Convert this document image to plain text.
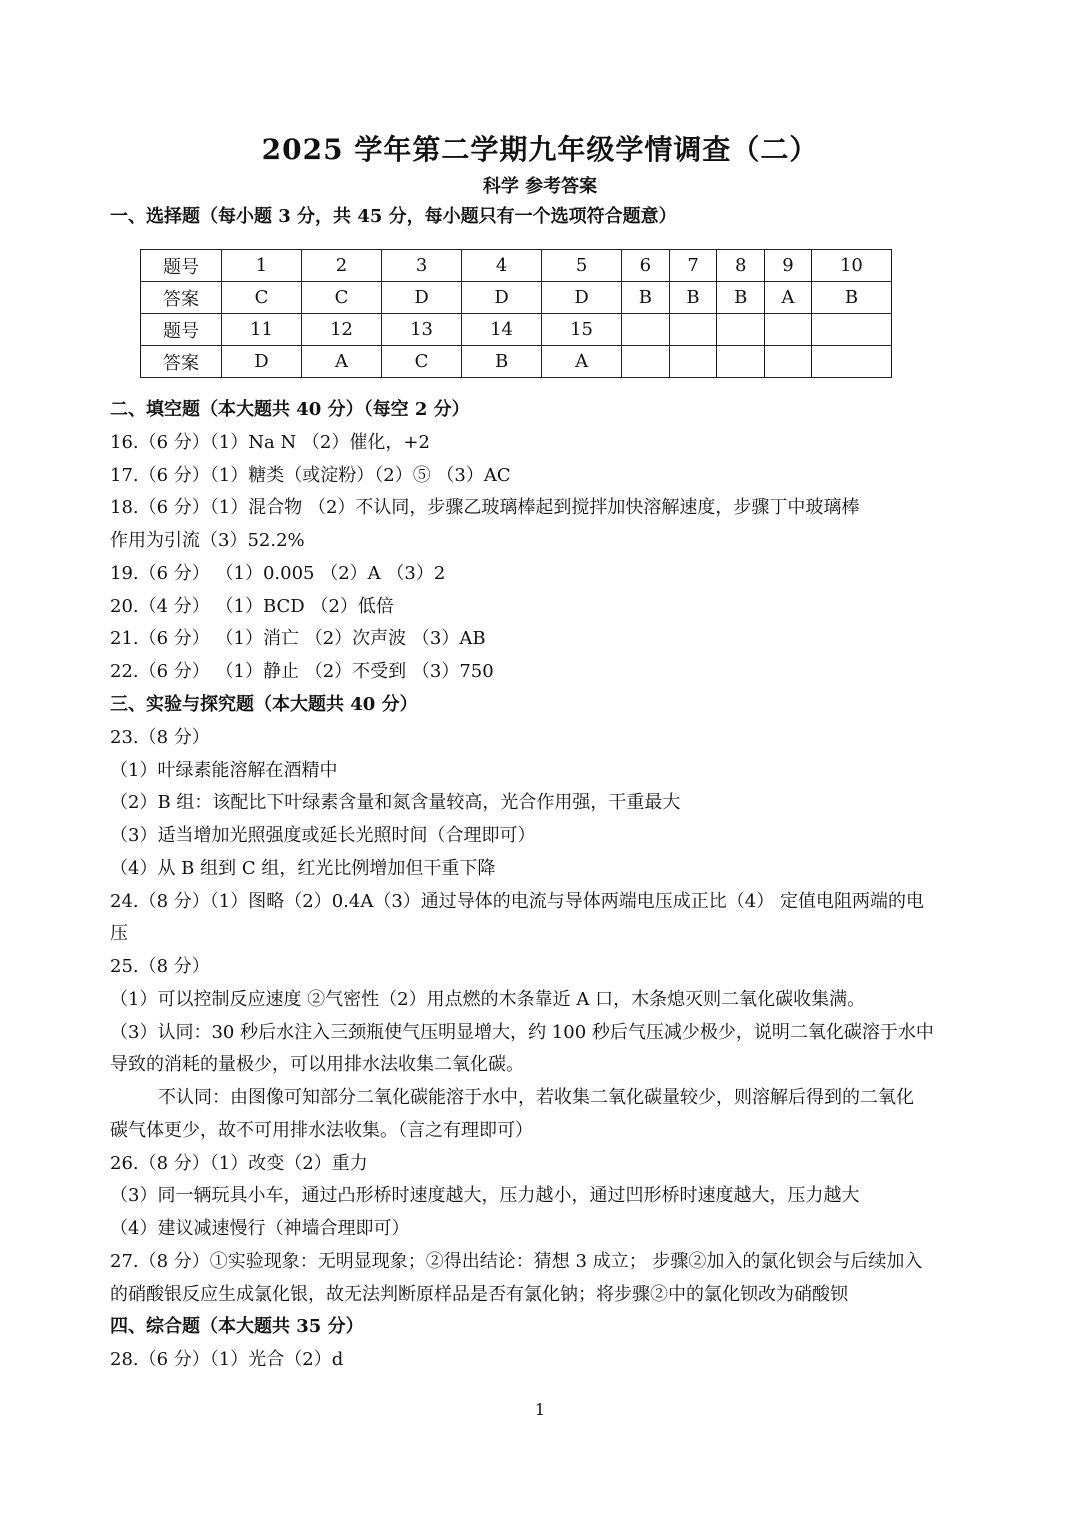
2025 学年第二学期九年级学情调查（二）
科学 参考答案
一、选择题（每小题 3 分，共 45 分，每小题只有一个选项符合题意）
题号	1	2	3	4	5	6	7	8	9	10
答案	C	C	D	D	D	B	B	B	A	B
题号	11	12	13	14	15					
答案	D	A	C	B	A					
二、填空题（本大题共 40 分）（每空 2 分）
16.（6 分）（1）Na N （2）催化，+2
17.（6 分）（1）糖类（或淀粉）（2）⑤ （3）AC
18.（6 分）（1）混合物 （2）不认同，步骤乙玻璃棒起到搅拌加快溶解速度，步骤丁中玻璃棒
作用为引流（3）52.2%
19.（6 分） （1）0.005 （2）A （3）2
20.（4 分） （1）BCD （2）低倍
21.（6 分） （1）消亡 （2）次声波 （3）AB
22.（6 分） （1）静止 （2）不受到 （3）750
三、实验与探究题（本大题共 40 分）
23.（8 分）
（1）叶绿素能溶解在酒精中
（2）B 组：该配比下叶绿素含量和氮含量较高，光合作用强，干重最大
（3）适当增加光照强度或延长光照时间（合理即可）
（4）从 B 组到 C 组，红光比例增加但干重下降
24.（8 分）（1）图略（2）0.4A（3）通过导体的电流与导体两端电压成正比（4） 定值电阻两端的电
压
25.（8 分）
（1）可以控制反应速度 ②气密性（2）用点燃的木条靠近 A 口，木条熄灭则二氧化碳收集满。
（3）认同：30 秒后水注入三颈瓶使气压明显增大，约 100 秒后气压减少极少，说明二氧化碳溶于水中
导致的消耗的量极少，可以用排水法收集二氧化碳。
不认同：由图像可知部分二氧化碳能溶于水中，若收集二氧化碳量较少，则溶解后得到的二氧化
碳气体更少，故不可用排水法收集。（言之有理即可）
26.（8 分）（1）改变（2）重力
（3）同一辆玩具小车，通过凸形桥时速度越大，压力越小，通过凹形桥时速度越大，压力越大
（4）建议减速慢行（神墙合理即可）
27.（8 分）①实验现象：无明显现象；②得出结论：猜想 3 成立； 步骤②加入的氯化钡会与后续加入
的硝酸银反应生成氯化银，故无法判断原样品是否有氯化钠；将步骤②中的氯化钡改为硝酸钡
四、综合题（本大题共 35 分）
28.（6 分）（1）光合（2）d
1
